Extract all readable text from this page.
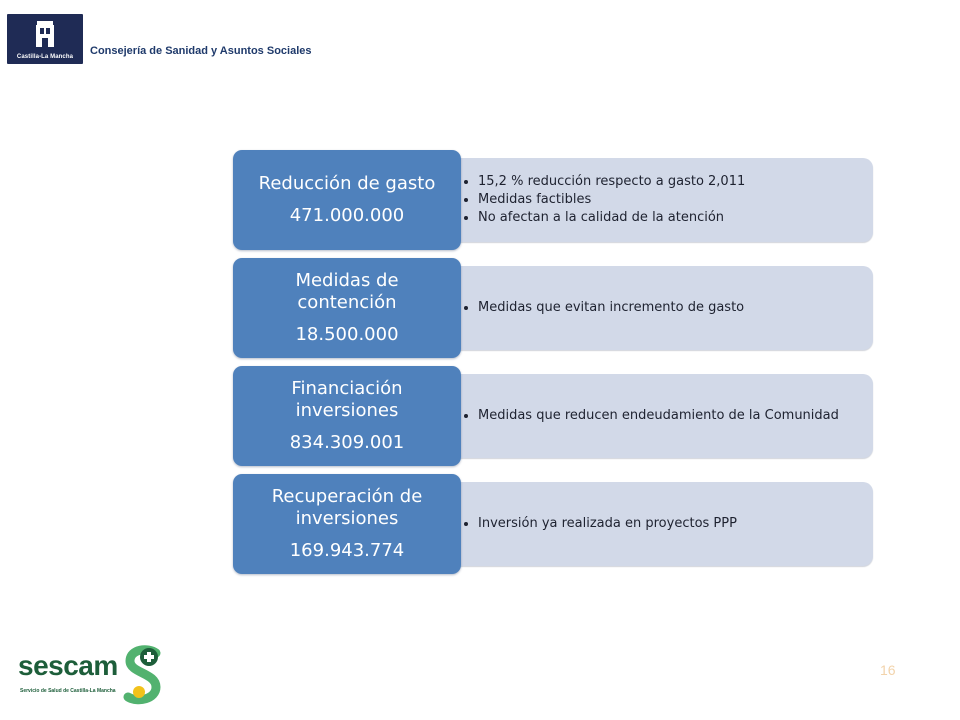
Castilla-La Mancha	Consejería de Sanidad y Asuntos Sociales
Reducción de gasto
471.000.000
• 15,2 % reducción respecto a gasto 2,011
• Medidas factibles
• No afectan a la calidad de la atención
Medidas de contención
18.500.000
• Medidas que evitan incremento de gasto
Financiación inversiones
834.309.001
• Medidas que reducen endeudamiento de la Comunidad
Recuperación de inversiones
169.943.774
• Inversión ya realizada en proyectos PPP
sescam
Servicio de Salud de Castilla-La Mancha
16
